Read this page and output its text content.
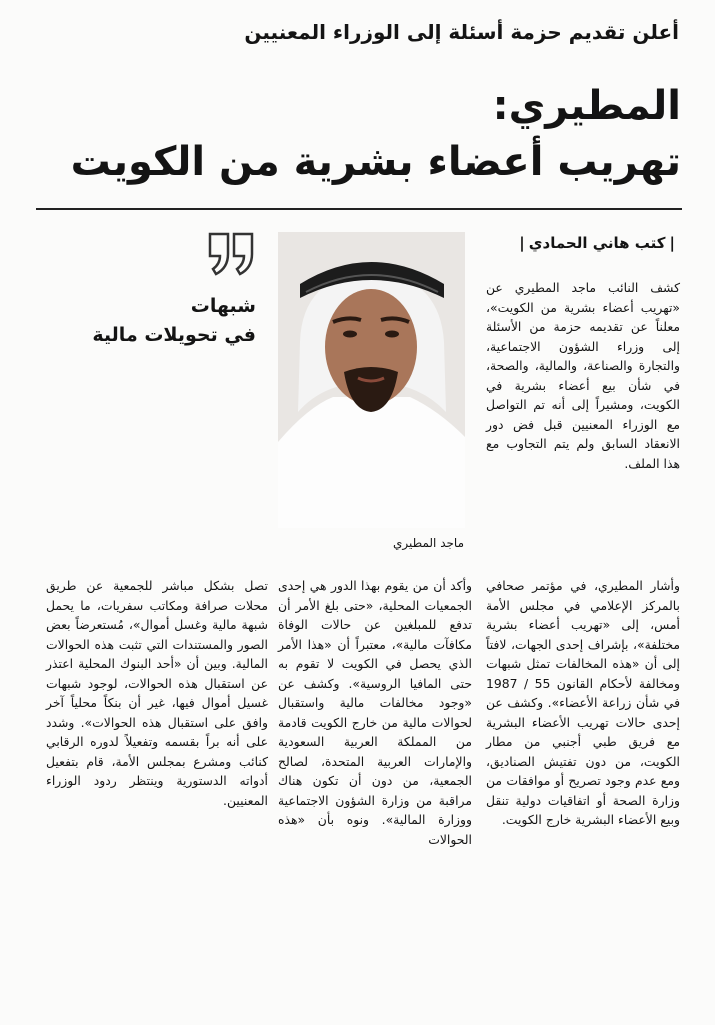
أعلن تقديم حزمة أسئلة إلى الوزراء المعنيين
المطيري:
تهريب أعضاء بشرية من الكويت
|كتب هاني الحمادي|
شبهات
في تحويلات مالية
ماجد المطيري

كشف النائب ماجد المطيري عن «تهريب أعضاء بشرية من الكويت»، معلناً عن تقديمه حزمة من الأسئلة إلى وزراء الشؤون الاجتماعية، والتجارة والصناعة، والمالية، والصحة، في شأن بيع أعضاء بشرية في الكويت، ومشيراً إلى أنه تم التواصل مع الوزراء المعنيين قبل فض دور الانعقاد السابق ولم يتم التجاوب مع هذا الملف.

وأشار المطيري، في مؤتمر صحافي بالمركز الإعلامي في مجلس الأمة أمس، إلى «تهريب أعضاء بشرية مختلفة»، بإشراف إحدى الجهات، لافتاً إلى أن «هذه المخالفات تمثل شبهات ومخالفة لأحكام القانون 55 / 1987 في شأن زراعة الأعضاء». وكشف عن إحدى حالات تهريب الأعضاء البشرية مع فريق طبي أجنبي من مطار الكويت، من دون تفتيش الصناديق، ومع عدم وجود تصريح أو موافقات من وزارة الصحة أو اتفاقيات دولية تنقل وبيع الأعضاء البشرية خارج الكويت.

وأكد أن من يقوم بهذا الدور هي إحدى الجمعيات المحلية، «حتى بلغ الأمر أن تدفع للمبلغين عن حالات الوفاة مكافآت مالية»، معتبراً أن «هذا الأمر الذي يحصل في الكويت لا تقوم به حتى المافيا الروسية». وكشف عن «وجود مخالفات مالية واستقبال لحوالات مالية من خارج الكويت قادمة من المملكة العربية السعودية والإمارات العربية المتحدة، لصالح الجمعية، من دون أن تكون هناك مراقبة من وزارة الشؤون الاجتماعية ووزارة المالية». ونوه بأن «هذه الحوالات

تصل بشكل مباشر للجمعية عن طريق محلات صرافة ومكاتب سفريات، ما يحمل شبهة مالية وغسل أموال»، مُستعرضاً بعض الصور والمستندات التي تثبت هذه الحوالات المالية. وبين أن «أحد البنوك المحلية اعتذر عن استقبال هذه الحوالات، لوجود شبهات غسيل أموال فيها، غير أن بنكاً محلياً آخر وافق على استقبال هذه الحوالات». وشدد على أنه براً بقسمه وتفعيلاً لدوره الرقابي كنائب ومشرع بمجلس الأمة، قام بتفعيل أدواته الدستورية وينتظر ردود الوزراء المعنيين.
